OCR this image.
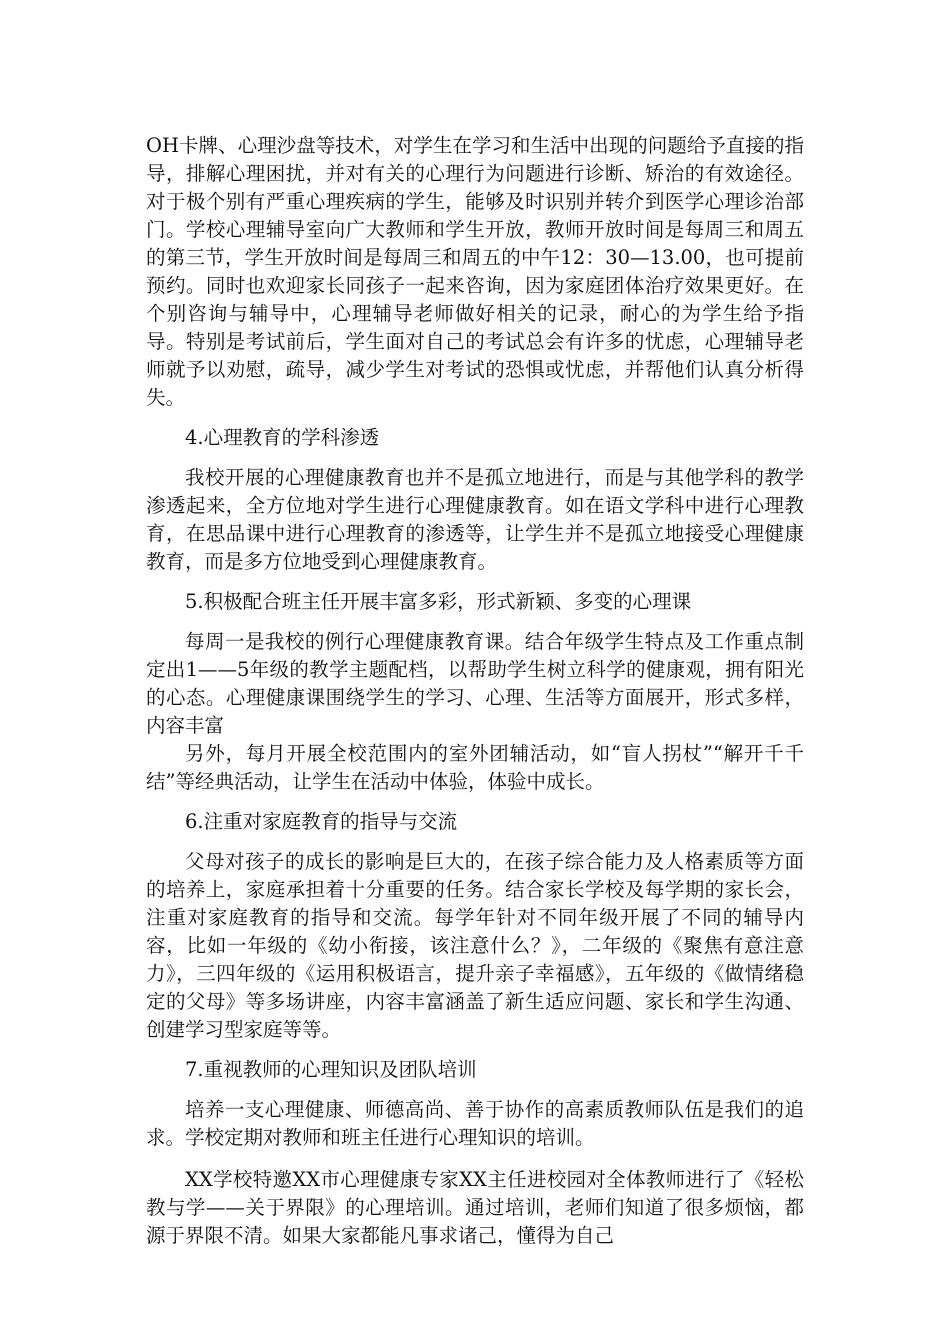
OH卡牌、心理沙盘等技术，对学生在学习和生活中出现的问题给予直接的指导，排解心理困扰，并对有关的心理行为问题进行诊断、矫治的有效途径。对于极个别有严重心理疾病的学生，能够及时识别并转介到医学心理诊治部门。学校心理辅导室向广大教师和学生开放，教师开放时间是每周三和周五的第三节，学生开放时间是每周三和周五的中午12：30—13.00，也可提前预约。同时也欢迎家长同孩子一起来咨询，因为家庭团体治疗效果更好。在个别咨询与辅导中，心理辅导老师做好相关的记录，耐心的为学生给予指导。特别是考试前后，学生面对自己的考试总会有许多的忧虑，心理辅导老师就予以劝慰，疏导，减少学生对考试的恐惧或忧虑，并帮他们认真分析得失。

4.心理教育的学科渗透

我校开展的心理健康教育也并不是孤立地进行，而是与其他学科的教学渗透起来，全方位地对学生进行心理健康教育。如在语文学科中进行心理教育，在思品课中进行心理教育的渗透等，让学生并不是孤立地接受心理健康教育，而是多方位地受到心理健康教育。

5.积极配合班主任开展丰富多彩，形式新颖、多变的心理课

每周一是我校的例行心理健康教育课。结合年级学生特点及工作重点制定出1——5年级的教学主题配档，以帮助学生树立科学的健康观，拥有阳光的心态。心理健康课围绕学生的学习、心理、生活等方面展开，形式多样，内容丰富

另外，每月开展全校范围内的室外团辅活动，如“盲人拐杖”“解开千千结”等经典活动，让学生在活动中体验，体验中成长。

6.注重对家庭教育的指导与交流

父母对孩子的成长的影响是巨大的，在孩子综合能力及人格素质等方面的培养上，家庭承担着十分重要的任务。结合家长学校及每学期的家长会，注重对家庭教育的指导和交流。每学年针对不同年级开展了不同的辅导内容，比如一年级的《幼小衔接，该注意什么？》，二年级的《聚焦有意注意力》，三四年级的《运用积极语言，提升亲子幸福感》，五年级的《做情绪稳定的父母》等多场讲座，内容丰富涵盖了新生适应问题、家长和学生沟通、创建学习型家庭等等。

7.重视教师的心理知识及团队培训

培养一支心理健康、师德高尚、善于协作的高素质教师队伍是我们的追求。学校定期对教师和班主任进行心理知识的培训。

XX学校特邀XX市心理健康专家XX主任进校园对全体教师进行了《轻松教与学——关于界限》的心理培训。通过培训，老师们知道了很多烦恼，都源于界限不清。如果大家都能凡事求诸己，懂得为自己
